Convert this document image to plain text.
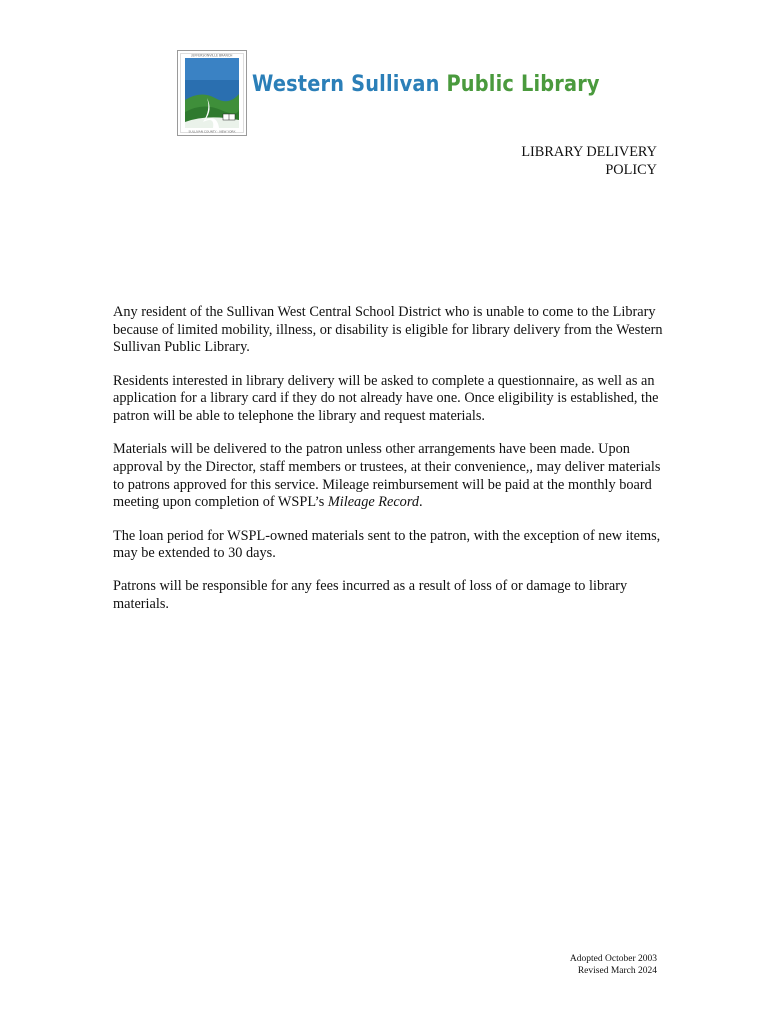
JEFFERSONVILLE BRANCH
SULLIVAN COUNTY · NEW YORK
Western Sullivan Public Library
LIBRARY DELIVERY
POLICY

Any resident of the Sullivan West Central School District who is unable to come to the Library because of limited mobility, illness, or disability is eligible for library delivery from the Western Sullivan Public Library.

Residents interested in library delivery will be asked to complete a questionnaire, as well as an application for a library card if they do not already have one. Once eligibility is established, the patron will be able to telephone the library and request materials.

Materials will be delivered to the patron unless other arrangements have been made. Upon approval by the Director, staff members or trustees, at their convenience,, may deliver materials to patrons approved for this service. Mileage reimbursement will be paid at the monthly board meeting upon completion of WSPL’s Mileage Record.

The loan period for WSPL-owned materials sent to the patron, with the exception of new items, may be extended to 30 days.

Patrons will be responsible for any fees incurred as a result of loss of or damage to library materials.

Adopted October 2003
Revised March 2024
